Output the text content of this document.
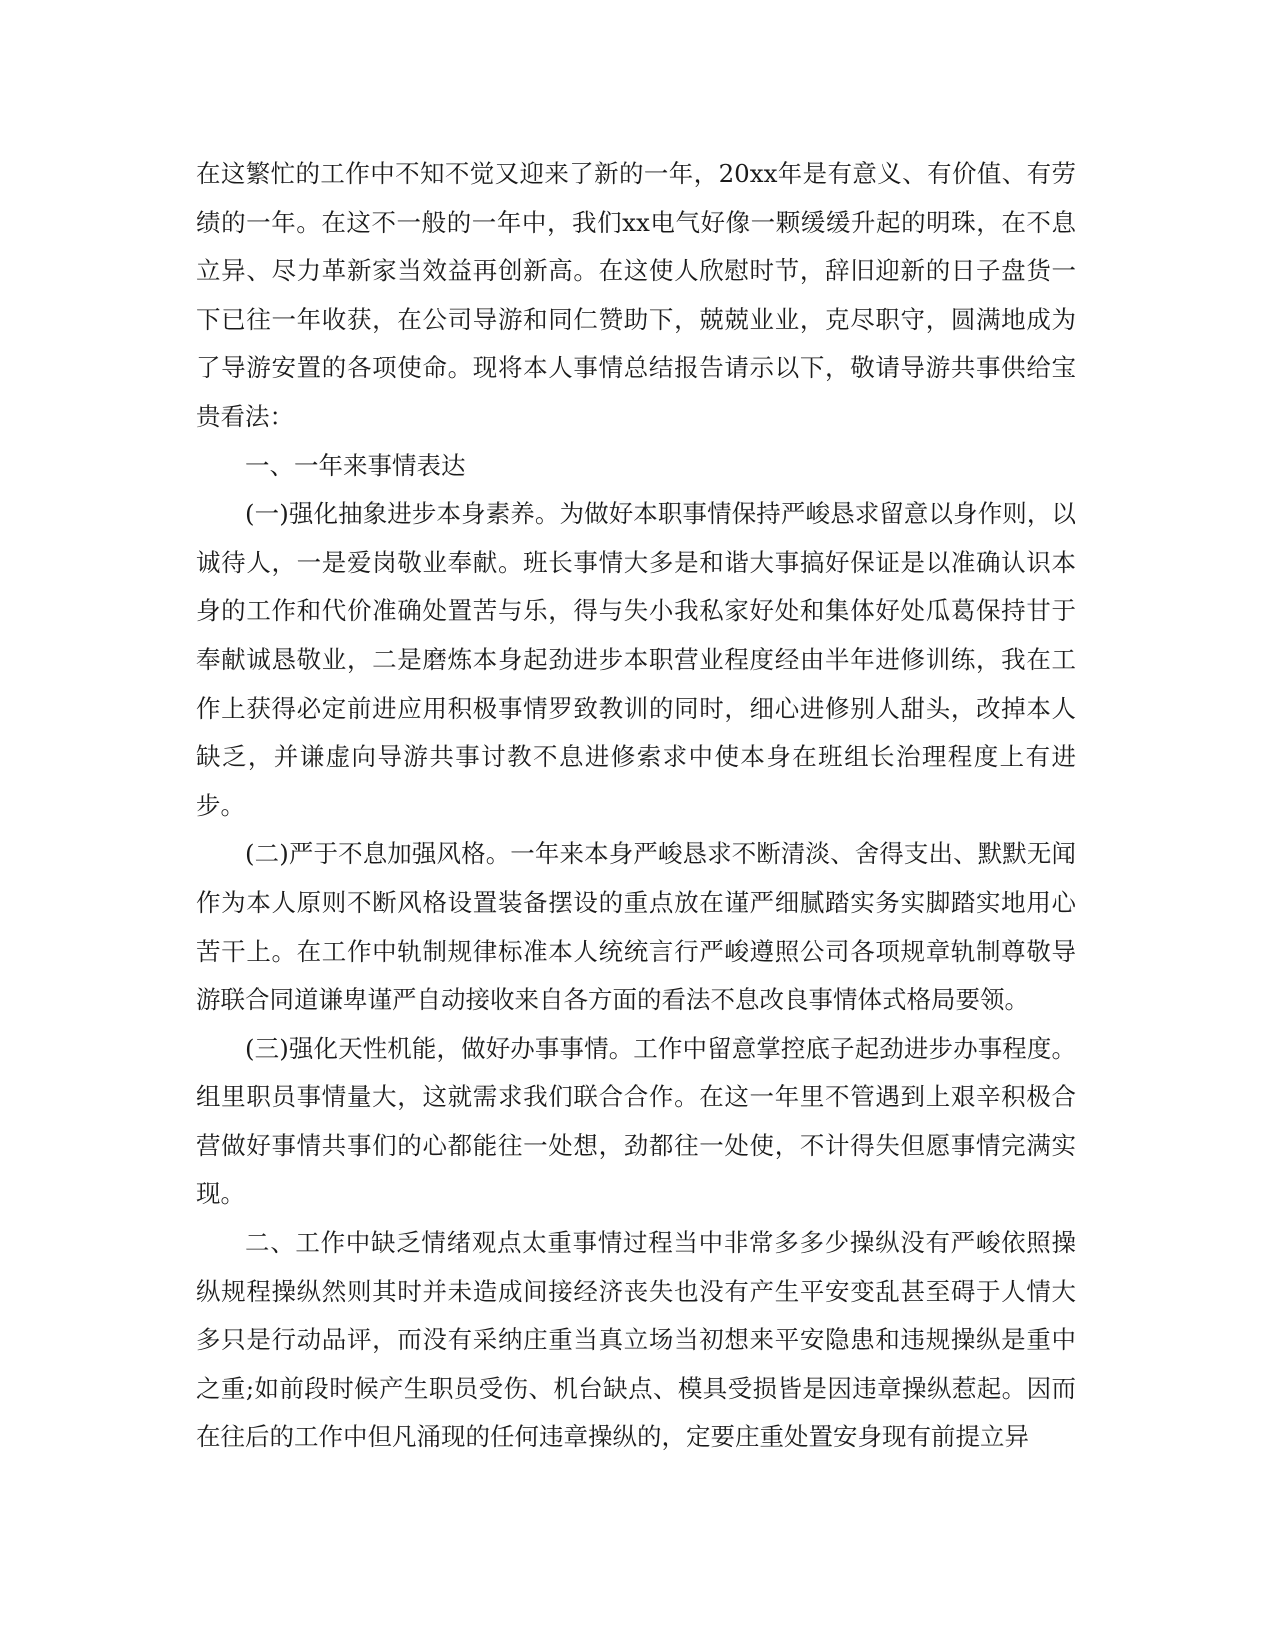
在这繁忙的工作中不知不觉又迎来了新的一年，20xx年是有意义、有价值、有劳绩的一年。在这不一般的一年中，我们xx电气好像一颗缓缓升起的明珠，在不息立异、尽力革新家当效益再创新高。在这使人欣慰时节，辞旧迎新的日子盘货一下已往一年收获，在公司导游和同仁赞助下，兢兢业业，克尽职守，圆满地成为了导游安置的各项使命。现将本人事情总结报告请示以下，敬请导游共事供给宝贵看法：

一、一年来事情表达

(一)强化抽象进步本身素养。为做好本职事情保持严峻恳求留意以身作则，以诚待人，一是爱岗敬业奉献。班长事情大多是和谐大事搞好保证是以准确认识本身的工作和代价准确处置苦与乐，得与失小我私家好处和集体好处瓜葛保持甘于奉献诚恳敬业，二是磨炼本身起劲进步本职营业程度经由半年进修训练，我在工作上获得必定前进应用积极事情罗致教训的同时，细心进修别人甜头，改掉本人缺乏，并谦虚向导游共事讨教不息进修索求中使本身在班组长治理程度上有进步。

(二)严于不息加强风格。一年来本身严峻恳求不断清淡、舍得支出、默默无闻作为本人原则不断风格设置装备摆设的重点放在谨严细腻踏实务实脚踏实地用心苦干上。在工作中轨制规律标准本人统统言行严峻遵照公司各项规章轨制尊敬导游联合同道谦卑谨严自动接收来自各方面的看法不息改良事情体式格局要领。

(三)强化天性机能，做好办事事情。工作中留意掌控底子起劲进步办事程度。组里职员事情量大，这就需求我们联合合作。在这一年里不管遇到上艰辛积极合营做好事情共事们的心都能往一处想，劲都往一处使，不计得失但愿事情完满实现。

二、工作中缺乏情绪观点太重事情过程当中非常多多少操纵没有严峻依照操纵规程操纵然则其时并未造成间接经济丧失也没有产生平安变乱甚至碍于人情大多只是行动品评，而没有采纳庄重当真立场当初想来平安隐患和违规操纵是重中之重;如前段时候产生职员受伤、机台缺点、模具受损皆是因违章操纵惹起。因而在往后的工作中但凡涌现的任何违章操纵的，定要庄重处置安身现有前提立异
